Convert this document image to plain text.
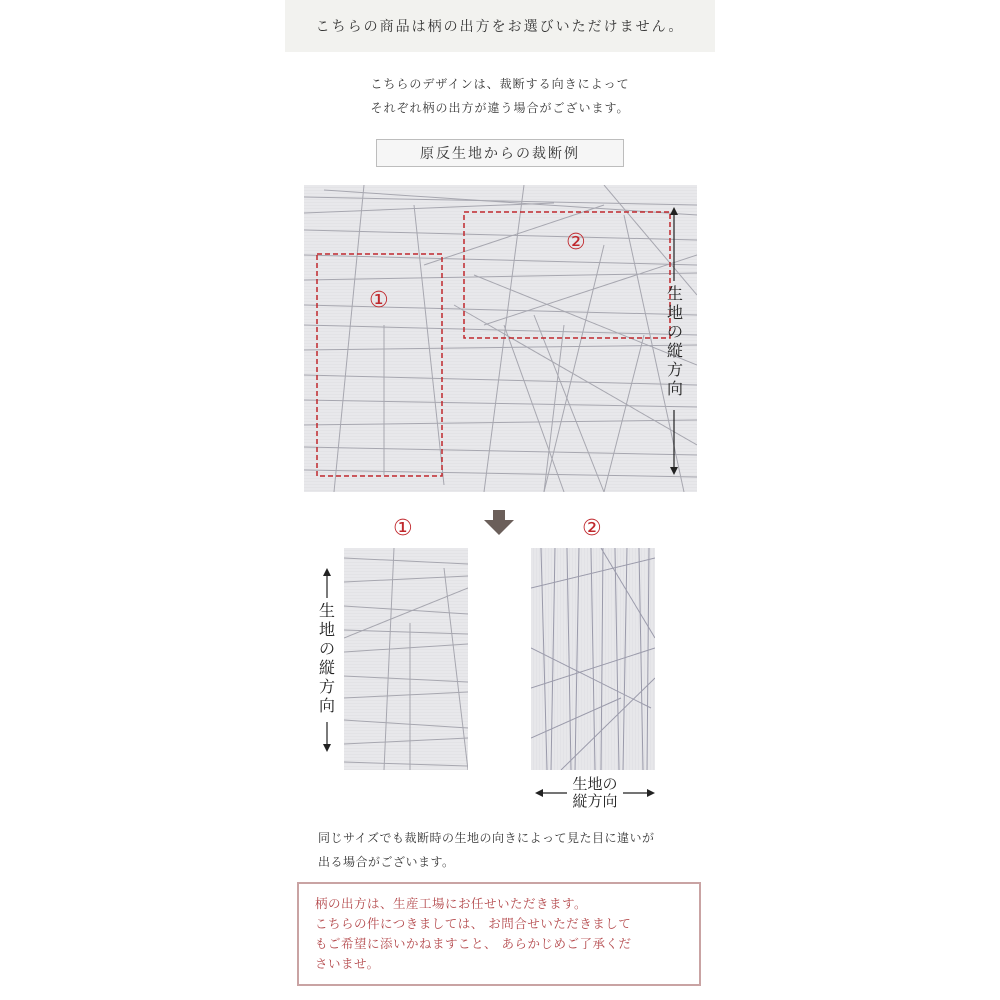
こちらの商品は柄の出方をお選びいただけません。
こちらのデザインは、裁断する向きによって
それぞれ柄の出方が違う場合がございます。
原反生地からの裁断例
①
②
生
地
の
縦
方
向
①	②
生
地
の
縦
方
向
生地の
縦方向
同じサイズでも裁断時の生地の向きによって見た目に違いが
出る場合がございます。
柄の出方は、生産工場にお任せいただきます。
こちらの件につきましては、 お問合せいただきまして
もご希望に添いかねますこと、 あらかじめご了承くだ
さいませ。
